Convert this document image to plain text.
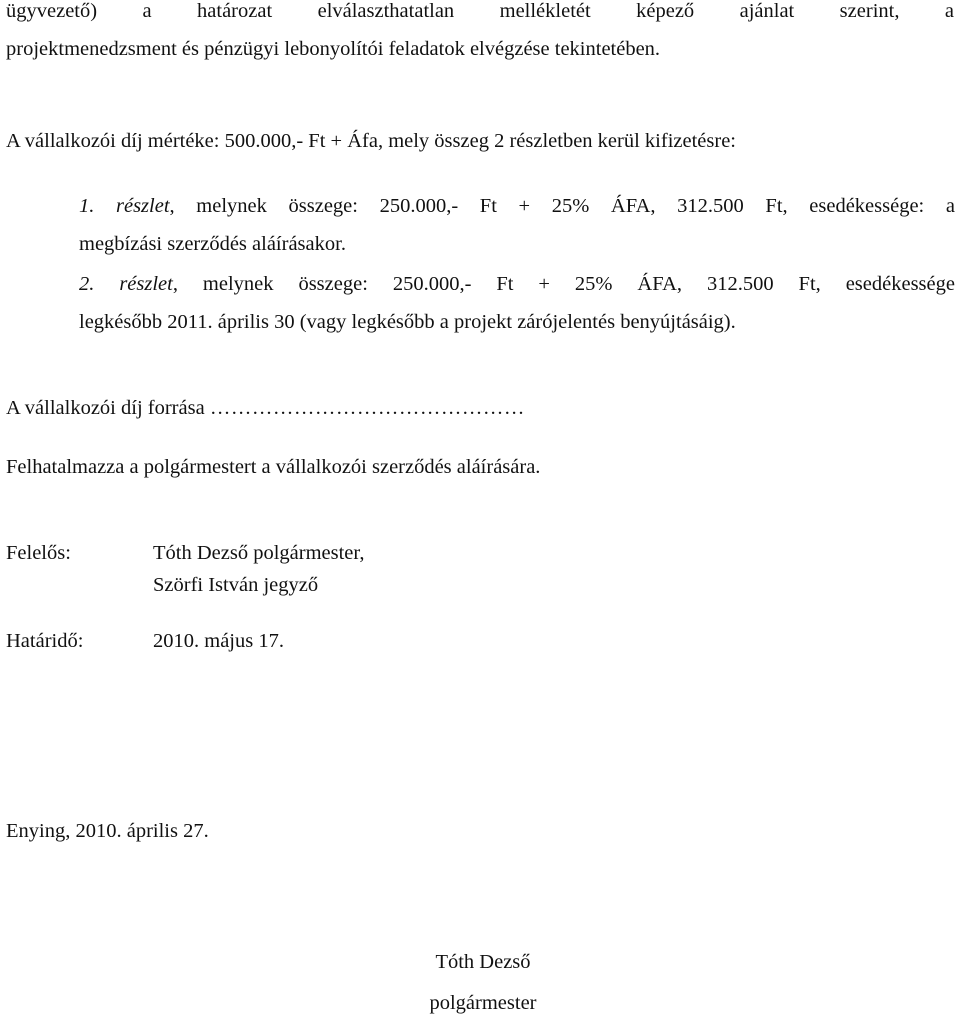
ügyvezető) a határozat elválaszthatatlan mellékletét képező ajánlat szerint, a
projektmenedzsment és pénzügyi lebonyolítói feladatok elvégzése tekintetében.
A vállalkozói díj mértéke: 500.000,- Ft + Áfa, mely összeg 2 részletben kerül kifizetésre:
1. részlet, melynek összege: 250.000,- Ft + 25% ÁFA, 312.500 Ft, esedékessége: a
megbízási szerződés aláírásakor.
2. részlet, melynek összege: 250.000,- Ft + 25% ÁFA, 312.500 Ft, esedékessége
legkésőbb 2011. április 30 (vagy legkésőbb a projekt zárójelentés benyújtásáig).
A vállalkozói díj forrása ………………………………………
Felhatalmazza a polgármestert a vállalkozói szerződés aláírására.
Felelős:	Tóth Dezső polgármester,
Szörfi István jegyző
Határidő:	2010. május 17.
Enying, 2010. április 27.
Tóth Dezső
polgármester
